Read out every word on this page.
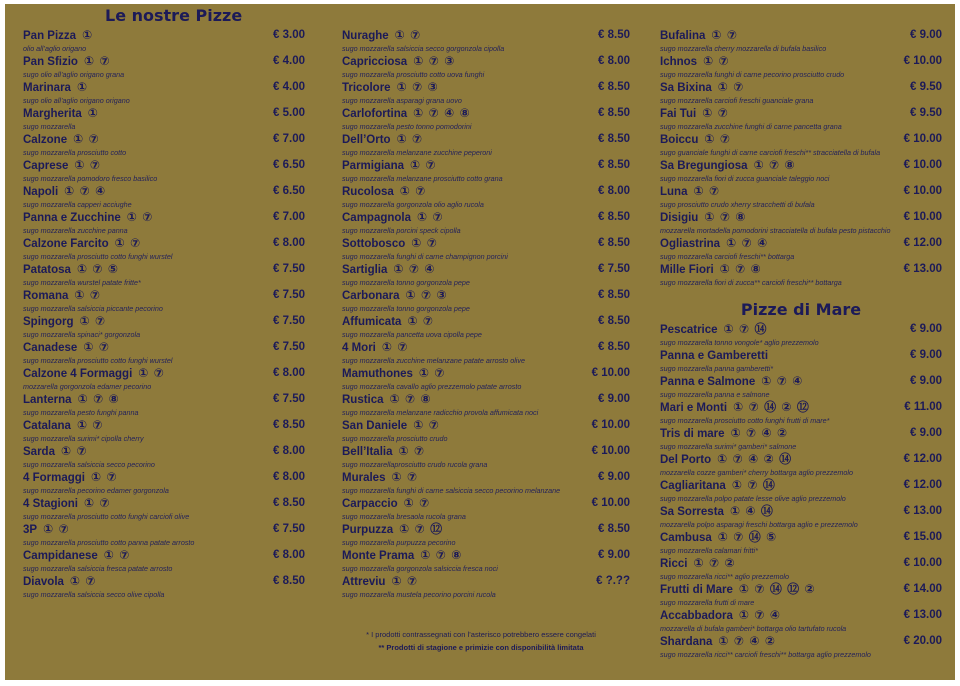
Le nostre Pizze
Pan Pizza ①	€ 3.00
olio all’aglio origano
Pan Sfizio ① ⑦	€ 4.00
sugo olio all’aglio origano grana
Marinara ①	€ 4.00
sugo olio all’aglio origano origano
Margherita ①	€ 5.00
sugo mozzarella
Calzone ① ⑦	€ 7.00
sugo mozzarella prosciutto cotto
Caprese ① ⑦	€ 6.50
sugo mozzarella pomodoro fresco basilico
Napoli ① ⑦ ④	€ 6.50
sugo mozzarella capperi acciughe
Panna e Zucchine ① ⑦	€ 7.00
sugo mozzarella zucchine panna
Calzone Farcito ① ⑦	€ 8.00
sugo mozzarella prosciutto cotto funghi wurstel
Patatosa ① ⑦ ⑤	€ 7.50
sugo mozzarella wurstel patate fritte*
Romana ① ⑦	€ 7.50
sugo mozzarella salsiccia piccante pecorino
Spingorg ① ⑦	€ 7.50
sugo mozzarella spinaci* gorgonzola
Canadese ① ⑦	€ 7.50
sugo mozzarella prosciutto cotto funghi wurstel
Calzone 4 Formaggi ① ⑦	€ 8.00
mozzarella gorgonzola edamer pecorino
Lanterna ① ⑦ ⑧	€ 7.50
sugo mozzarella pesto funghi panna
Catalana ① ⑦	€ 8.50
sugo mozzarella surimi* cipolla cherry
Sarda ① ⑦	€ 8.00
sugo mozzarella salsiccia secco pecorino
4 Formaggi ① ⑦	€ 8.00
sugo mozzarella pecorino edamer gorgonzola
4 Stagioni ① ⑦	€ 8.50
sugo mozzarella prosciutto cotto funghi carciofi olive
3P ① ⑦	€ 7.50
sugo mozzarella prosciutto cotto panna patate arrosto
Campidanese ① ⑦	€ 8.00
sugo mozzarella salsiccia fresca patate arrosto
Diavola ① ⑦	€ 8.50
sugo mozzarella salsiccia secco olive cipolla
Nuraghe ① ⑦	€ 8.50
sugo mozzarella salsiccia secco gorgonzola cipolla
Capricciosa ① ⑦ ③	€ 8.00
sugo mozzarella prosciutto cotto uova funghi
Tricolore ① ⑦ ③	€ 8.50
sugo mozzarella asparagi grana uovo
Carlofortina ① ⑦ ④ ⑧	€ 8.50
sugo mozzarella pesto tonno pomodorini
Dell’Orto ① ⑦	€ 8.50
sugo mozzarella melanzane zucchine peperoni
Parmigiana ① ⑦	€ 8.50
sugo mozzarella melanzane prosciutto cotto grana
Rucolosa ① ⑦	€ 8.00
sugo mozzarella gorgonzola olio aglio rucola
Campagnola ① ⑦	€ 8.50
sugo mozzarella porcini speck cipolla
Sottobosco ① ⑦	€ 8.50
sugo mozzarella funghi di carne champignon porcini
Sartiglia ① ⑦ ④	€ 7.50
sugo mozzarella tonno gorgonzola pepe
Carbonara ① ⑦ ③	€ 8.50
sugo mozzarella tonno gorgonzola pepe
Affumicata ① ⑦	€ 8.50
sugo mozzarella pancetta uova cipolla pepe
4 Mori ① ⑦	€ 8.50
sugo mozzarella zucchine melanzane patate arrosto olive
Mamuthones ① ⑦	€ 10.00
sugo mozzarella cavallo aglio prezzemolo patate arrosto
Rustica ① ⑦ ⑧	€ 9.00
sugo mozzarella melanzane radicchio provola affumicata noci
San Daniele ① ⑦	€ 10.00
sugo mozzarella prosciutto crudo
Bell’Italia ① ⑦	€ 10.00
sugo mozzarellaprosciutto crudo rucola grana
Murales ① ⑦	€ 9.00
sugo mozzarella funghi di carne salsiccia secco pecorino melanzane
Carpaccio ① ⑦	€ 10.00
sugo mozzarella bresaola rucola grana
Purpuzza ① ⑦ ⑫	€ 8.50
sugo mozzarella purpuzza pecorino
Monte Prama ① ⑦ ⑧	€ 9.00
sugo mozzarella gorgonzola salsiccia fresca noci
Attreviu ① ⑦	€ ?.??
sugo mozzarella mustela pecorino porcini rucola
Bufalina ① ⑦	€ 9.00
sugo mozzarella cherry mozzarella di bufala basilico
Ichnos ① ⑦	€ 10.00
sugo mozzarella funghi di carne pecorino prosciutto crudo
Sa Bixina ① ⑦	€ 9.50
sugo mozzarella carciofi freschi guanciale grana
Fai Tui ① ⑦	€ 9.50
sugo mozzarella zucchine funghi di carne pancetta grana
Boiccu ① ⑦	€ 10.00
sugo guanciale funghi di carne carciofi freschi** stracciatella di bufala
Sa Bregungiosa ① ⑦ ⑧	€ 10.00
sugo mozzarella fiori di zucca guanciale taleggio noci
Luna ① ⑦	€ 10.00
sugo prosciutto crudo xherry stracchetti di bufala
Disigiu ① ⑦ ⑧	€ 10.00
mozzarella mortadella pomodorini stracciatella di bufala pesto pistacchio
Ogliastrina ① ⑦ ④	€ 12.00
sugo mozzarella carciofi freschi** bottarga
Mille Fiori ① ⑦ ⑧	€ 13.00
sugo mozzarella fiori di zucca** carciofi freschi** bottarga
Pizze di Mare
Pescatrice ① ⑦ ⑭	€ 9.00
sugo mozzarella tonno vongole* aglio prezzemolo
Panna e Gamberetti	€ 9.00
sugo mozzarella panna gamberetti*
Panna e Salmone ① ⑦ ④	€ 9.00
sugo mozzarella panna e salmone
Mari e Monti ① ⑦ ⑭ ② ⑫	€ 11.00
sugo mozzarella prosciutto cotto funghi frutti di mare*
Tris di mare ① ⑦ ④ ②	€ 9.00
sugo mozzarella surimi* gamberi* salmone
Del Porto ① ⑦ ④ ② ⑭	€ 12.00
mozzarella cozze gamberi* cherry bottarga aglio prezzemolo
Cagliaritana ① ⑦ ⑭	€ 12.00
sugo mozzarella polpo patate lesse olive aglio prezzemolo
Sa Sorresta ① ④ ⑭	€ 13.00
mozzarella polpo asparagi freschi bottarga aglio e prezzemolo
Cambusa ① ⑦ ⑭ ⑤	€ 15.00
sugo mozzarella calamari fritti*
Ricci ① ⑦ ②	€ 10.00
sugo mozzarella ricci** aglio prezzemolo
Frutti di Mare ① ⑦ ⑭ ⑫ ②	€ 14.00
sugo mozzarella frutti di mare
Accabbadora ① ⑦ ④	€ 13.00
mozzarella di bufala gamberi* bottarga olio tartufato rucola
Shardana ① ⑦ ④ ②	€ 20.00
sugo mozzarella ricci** carciofi freschi** bottarga aglio prezzemolo
* I prodotti contrassegnati con l’asterisco potrebbero essere congelati
** Prodotti di stagione e primizie con disponibilità limitata
